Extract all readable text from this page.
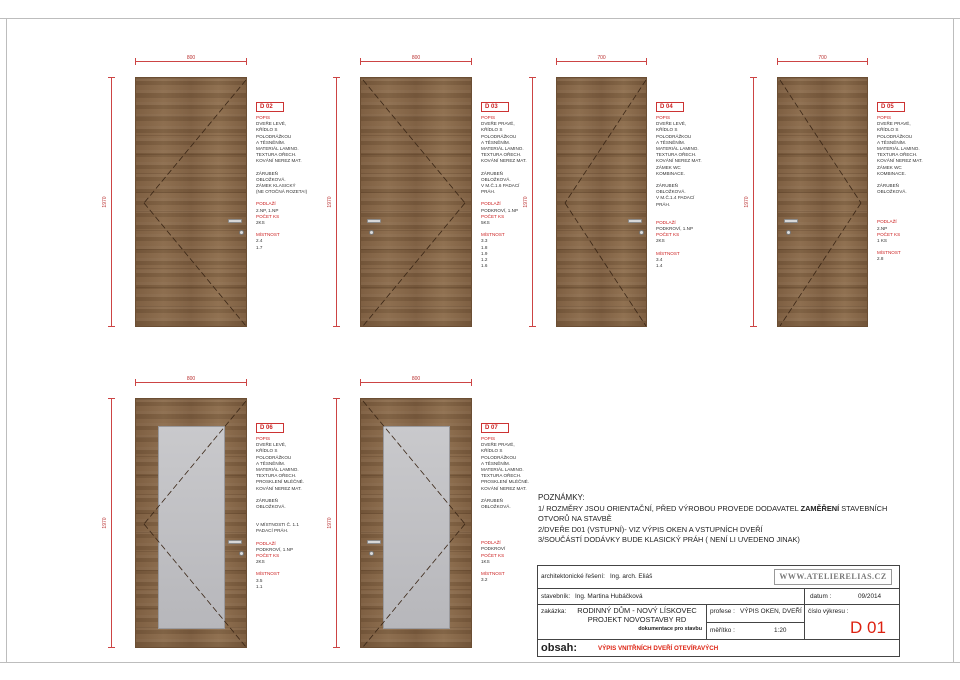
800
1970
D 02
POPIS
DVEŘE LEVÉ,
KŘÍDLO S
POLODRÁŽKOU
A TĚSNĚNÍM.
MATERIÁL LAMINO.
TEXTURA OŘECH.
KOVÁNÍ NEREZ MAT.
ZÁRUBEŇ
OBLOŽKOVÁ.
ZÁMEK KLASICKÝ
(NE OTOČNÁ ROZETA!)
PODLAŽÍ
2.NP, 1.NP
POČET KS
2KS
MÍSTNOST
2.4
1.7
800
1970
D 03
POPIS
DVEŘE PRAVÉ,
KŘÍDLO S
POLODRÁŽKOU
A TĚSNĚNÍM.
MATERIÁL LAMINO.
TEXTURA OŘECH.
KOVÁNÍ NEREZ MAT.
ZÁRUBEŇ
OBLOŽKOVÁ.
V M.Č.1.6 PADACÍ
PRÁH.
PODLAŽÍ
PODKROVÍ, 1.NP
POČET KS
5KS
MÍSTNOST
3.3
1.8
1.9
1.2
1.6
700
1970
D 04
POPIS
DVEŘE LEVÉ,
KŘÍDLO S
POLODRÁŽKOU
A TĚSNĚNÍM.
MATERIÁL LAMINO.
TEXTURA OŘECH.
KOVÁNÍ NEREZ MAT.
ZÁMEK WC
KOMBINACE.
ZÁRUBEŇ
OBLOŽKOVÁ.
V M.Č.1.4 PADACÍ
PRÁH.
PODLAŽÍ
PODKROVÍ, 1.NP
POČET KS
2KS
MÍSTNOST
3.4
1.4
700
1970
D 05
POPIS
DVEŘE PRAVÉ,
KŘÍDLO S
POLODRÁŽKOU
A TĚSNĚNÍM.
MATERIÁL LAMINO.
TEXTURA OŘECH.
KOVÁNÍ NEREZ MAT.
ZÁMEK WC
KOMBINACE.
ZÁRUBEŇ
OBLOŽKOVÁ.
PODLAŽÍ
2.NP
POČET KS
1 KS
MÍSTNOST
2.8
800
1970
D 06
POPIS
DVEŘE LEVÉ,
KŘÍDLO S
POLODRÁŽKOU
A TĚSNĚNÍM.
MATERIÁL LAMINO.
TEXTURA OŘECH.
PROSKLENÍ MLÉČNÉ.
KOVÁNÍ NEREZ MAT.
ZÁRUBEŇ
OBLOŽKOVÁ.
V MÍSTNOSTI Č. 1.1
PADACÍ PRÁH.
PODLAŽÍ
PODKROVÍ, 1.NP
POČET KS
2KS
MÍSTNOST
3.5
1.1
800
1970
D 07
POPIS
DVEŘE PRAVÉ,
KŘÍDLO S
POLODRÁŽKOU
A TĚSNĚNÍM.
MATERIÁL LAMINO.
TEXTURA OŘECH.
PROSKLENÍ MLÉČNÉ.
KOVÁNÍ NEREZ MAT.
ZÁRUBEŇ
OBLOŽKOVÁ.
PODLAŽÍ
PODKROVÍ
POČET KS
1KS
MÍSTNOST
3.2
POZNÁMKY:
1/ ROZMĚRY JSOU ORIENTAČNÍ, PŘED VÝROBOU PROVEDE DODAVATEL ZAMĚŘENÍ STAVEBNÍCH OTVORŮ NA STAVBĚ
2/DVEŘE D01 (VSTUPNÍ)- VIZ VÝPIS OKEN A VSTUPNÍCH DVEŘÍ
3/SOUČÁSTÍ DODÁVKY BUDE KLASICKÝ PRÁH ( NENÍ LI UVEDENO JINAK)
architektonické řešení: Ing. arch. Eliáš	WWW.ATELIERELIAS.CZ
stavebník: Ing. Martina Hubáčková	datum :	09/2014
zakázka:	RODINNÝ DŮM - NOVÝ LÍSKOVEC
PROJEKT NOVOSTAVBY RD
dokumentace pro stavbu
profese : VÝPIS OKEN, DVEŘÍ
měřítko :	1:20
číslo výkresu :
D 01
obsah:	VÝPIS VNITŘNÍCH DVEŘÍ OTEVÍRAVÝCH
